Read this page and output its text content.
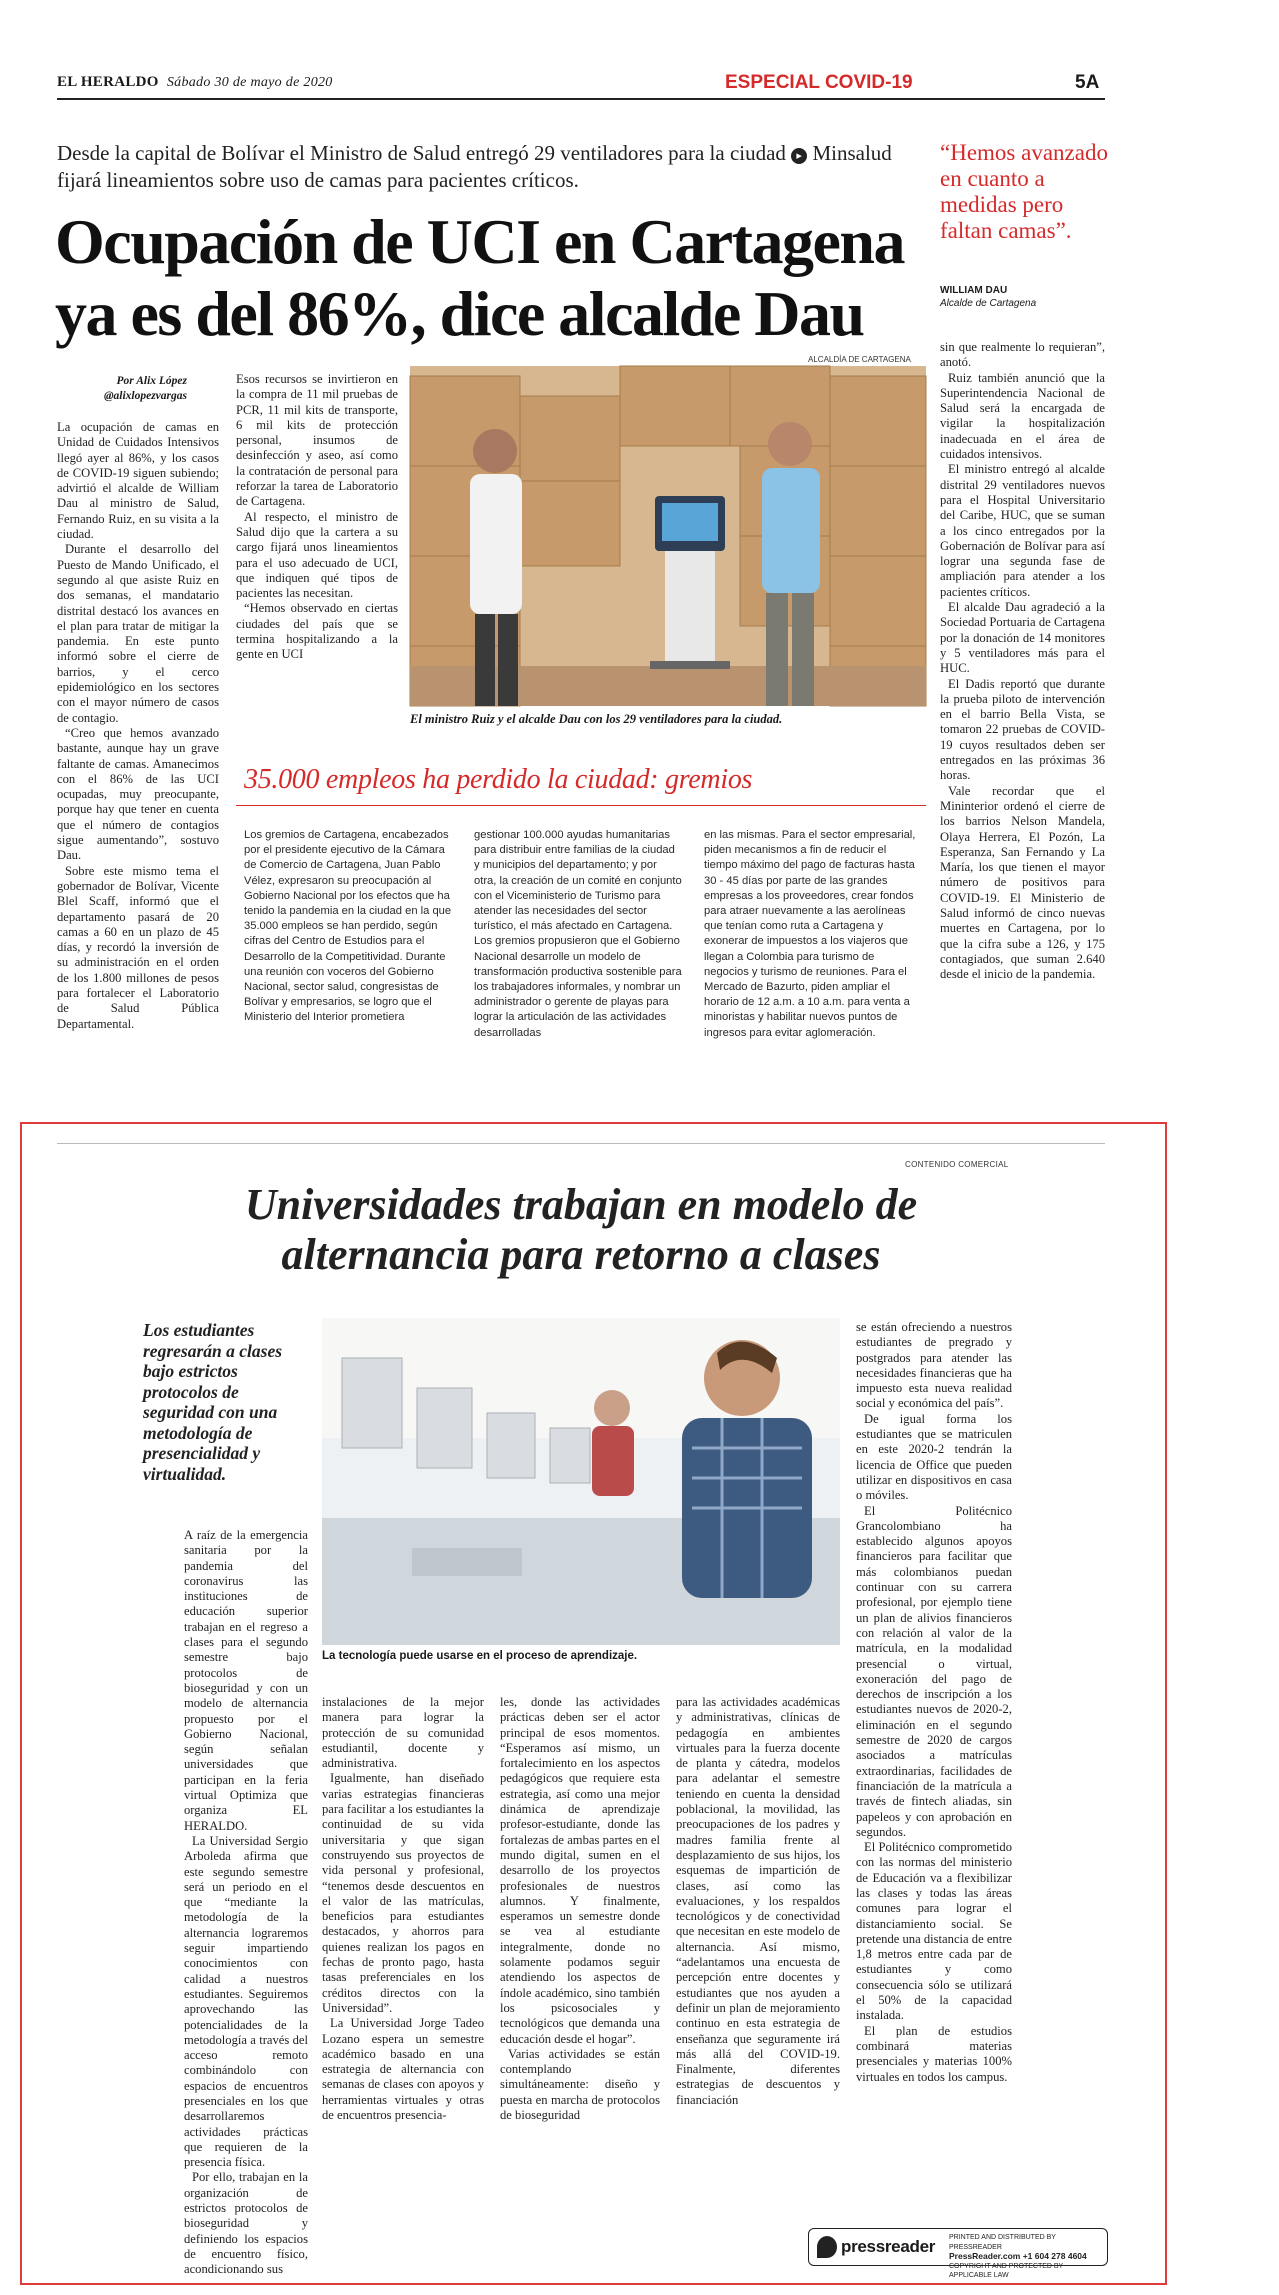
EL HERALDO Sábado 30 de mayo de 2020	ESPECIAL COVID-19	5A
Desde la capital de Bolívar el Ministro de Salud entregó 29 ventiladores para la ciudad ▸ Minsalud fijará lineamientos sobre uso de camas para pacientes críticos.
Ocupación de UCI en Cartagena
ya es del 86%, dice alcalde Dau
“Hemos avanzado en cuanto a medidas pero faltan camas”.
WILLIAM DAU
Alcalde de Cartagena
Por Alix López
@alixlopezvargas

La ocupación de camas en Unidad de Cuidados Intensivos llegó ayer al 86%, y los casos de COVID-19 siguen subiendo; advirtió el alcalde de William Dau al ministro de Salud, Fernando Ruiz, en su visita a la ciudad.

Durante el desarrollo del Puesto de Mando Unificado, el segundo al que asiste Ruiz en dos semanas, el mandatario distrital destacó los avances en el plan para tratar de mitigar la pandemia. En este punto informó sobre el cierre de barrios, y el cerco epidemiológico en los sectores con el mayor número de casos de contagio.

“Creo que hemos avanzado bastante, aunque hay un grave faltante de camas. Amanecimos con el 86% de las UCI ocupadas, muy preocupante, porque hay que tener en cuenta que el número de contagios sigue aumentando”, sostuvo Dau.

Sobre este mismo tema el gobernador de Bolívar, Vicente Blel Scaff, informó que el departamento pasará de 20 camas a 60 en un plazo de 45 días, y recordó la inversión de su administración en el orden de los 1.800 millones de pesos para fortalecer el Laboratorio de Salud Pública Departamental.

Esos recursos se invirtieron en la compra de 11 mil pruebas de PCR, 11 mil kits de transporte, 6 mil kits de protección personal, insumos de desinfección y aseo, así como la contratación de personal para reforzar la tarea de Laboratorio de Cartagena.

Al respecto, el ministro de Salud dijo que la cartera a su cargo fijará unos lineamientos para el uso adecuado de UCI, que indiquen qué tipos de pacientes las necesitan.

“Hemos observado en ciertas ciudades del país que se termina hospitalizando a la gente en UCI

ALCALDÍA DE CARTAGENA
El ministro Ruiz y el alcalde Dau con los 29 ventiladores para la ciudad.

sin que realmente lo requieran”, anotó.

Ruiz también anunció que la Superintendencia Nacional de Salud será la encargada de vigilar la hospitalización inadecuada en el área de cuidados intensivos.

El ministro entregó al alcalde distrital 29 ventiladores nuevos para el Hospital Universitario del Caribe, HUC, que se suman a los cinco entregados por la Gobernación de Bolívar para así lograr una segunda fase de ampliación para atender a los pacientes críticos.

El alcalde Dau agradeció a la Sociedad Portuaria de Cartagena por la donación de 14 monitores y 5 ventiladores más para el HUC.

El Dadis reportó que durante la prueba piloto de intervención en el barrio Bella Vista, se tomaron 22 pruebas de COVID-19 cuyos resultados deben ser entregados en las próximas 36 horas.

Vale recordar que el Mininterior ordenó el cierre de los barrios Nelson Mandela, Olaya Herrera, El Pozón, La Esperanza, San Fernando y La María, los que tienen el mayor número de positivos para COVID-19. El Ministerio de Salud informó de cinco nuevas muertes en Cartagena, por lo que la cifra sube a 126, y 175 contagiados, que suman 2.640 desde el inicio de la pandemia.

35.000 empleos ha perdido la ciudad: gremios
Los gremios de Cartagena, encabezados por el presidente ejecutivo de la Cámara de Comercio de Cartagena, Juan Pablo Vélez, expresaron su preocupación al Gobierno Nacional por los efectos que ha tenido la pandemia en la ciudad en la que 35.000 empleos se han perdido, según cifras del Centro de Estudios para el Desarrollo de la Competitividad. Durante una reunión con voceros del Gobierno Nacional, sector salud, congresistas de Bolívar y empresarios, se logro que el Ministerio del Interior prometiera
gestionar 100.000 ayudas humanitarias para distribuir entre familias de la ciudad y municipios del departamento; y por otra, la creación de un comité en conjunto con el Viceministerio de Turismo para atender las necesidades del sector turístico, el más afectado en Cartagena. Los gremios propusieron que el Gobierno Nacional desarrolle un modelo de transformación productiva sostenible para los trabajadores informales, y nombrar un administrador o gerente de playas para lograr la articulación de las actividades desarrolladas
en las mismas. Para el sector empresarial, piden mecanismos a fin de reducir el tiempo máximo del pago de facturas hasta 30 - 45 días por parte de las grandes empresas a los proveedores, crear fondos para atraer nuevamente a las aerolíneas que tenían como ruta a Cartagena y exonerar de impuestos a los viajeros que llegan a Colombia para turismo de negocios y turismo de reuniones. Para el Mercado de Bazurto, piden ampliar el horario de 12 a.m. a 10 a.m. para venta a minoristas y habilitar nuevos puntos de ingresos para evitar aglomeración.
CONTENIDO COMERCIAL
Universidades trabajan en modelo de
alternancia para retorno a clases
Los estudiantes regresarán a clases bajo estrictos protocolos de seguridad con una metodología de presencialidad y virtualidad.
La tecnología puede usarse en el proceso de aprendizaje.

A raíz de la emergencia sanitaria por la pandemia del coronavirus las instituciones de educación superior trabajan en el regreso a clases para el segundo semestre bajo protocolos de bioseguridad y con un modelo de alternancia propuesto por el Gobierno Nacional, según señalan universidades que participan en la feria virtual Optimiza que organiza EL HERALDO.

La Universidad Sergio Arboleda afirma que este segundo semestre será un periodo en el que “mediante la metodología de la alternancia lograremos seguir impartiendo conocimientos con calidad a nuestros estudiantes. Seguiremos aprovechando las potencialidades de la metodología a través del acceso remoto combinándolo con espacios de encuentros presenciales en los que desarrollaremos actividades prácticas que requieren de la presencia física.

Por ello, trabajan en la organización de estrictos protocolos de bioseguridad y definiendo los espacios de encuentro físico, acondicionando sus

instalaciones de la mejor manera para lograr la protección de su comunidad estudiantil, docente y administrativa.

Igualmente, han diseñado varias estrategias financieras para facilitar a los estudiantes la continuidad de su vida universitaria y que sigan construyendo sus proyectos de vida personal y profesional, “tenemos desde descuentos en el valor de las matrículas, beneficios para estudiantes destacados, y ahorros para quienes realizan los pagos en fechas de pronto pago, hasta tasas preferenciales en los créditos directos con la Universidad”.

La Universidad Jorge Tadeo Lozano espera un semestre académico basado en una estrategia de alternancia con semanas de clases con apoyos y herramientas virtuales y otras de encuentros presencia-

les, donde las actividades prácticas deben ser el actor principal de esos momentos. “Esperamos así mismo, un fortalecimiento en los aspectos pedagógicos que requiere esta estrategia, así como una mejor dinámica de aprendizaje profesor-estudiante, donde las fortalezas de ambas partes en el mundo digital, sumen en el desarrollo de los proyectos profesionales de nuestros alumnos. Y finalmente, esperamos un semestre donde se vea al estudiante integralmente, donde no solamente podamos seguir atendiendo los aspectos de índole académico, sino también los psicosociales y tecnológicos que demanda una educación desde el hogar”.

Varias actividades se están contemplando simultáneamente: diseño y puesta en marcha de protocolos de bioseguridad

para las actividades académicas y administrativas, clínicas de pedagogía en ambientes virtuales para la fuerza docente de planta y cátedra, modelos para adelantar el semestre teniendo en cuenta la densidad poblacional, la movilidad, las preocupaciones de los padres y madres familia frente al desplazamiento de sus hijos, los esquemas de impartición de clases, así como las evaluaciones, y los respaldos tecnológicos y de conectividad que necesitan en este modelo de alternancia. Así mismo, “adelantamos una encuesta de percepción entre docentes y estudiantes que nos ayuden a definir un plan de mejoramiento continuo en esta estrategia de enseñanza que seguramente irá más allá del COVID-19. Finalmente, diferentes estrategias de descuentos y financiación

se están ofreciendo a nuestros estudiantes de pregrado y postgrados para atender las necesidades financieras que ha impuesto esta nueva realidad social y económica del país”.

De igual forma los estudiantes que se matriculen en este 2020-2 tendrán la licencia de Office que pueden utilizar en dispositivos en casa o móviles.

El Politécnico Grancolombiano ha establecido algunos apoyos financieros para facilitar que más colombianos puedan continuar con su carrera profesional, por ejemplo tiene un plan de alivios financieros con relación al valor de la matrícula, en la modalidad presencial o virtual, exoneración del pago de derechos de inscripción a los estudiantes nuevos de 2020-2, eliminación en el segundo semestre de 2020 de cargos asociados a matrículas extraordinarias, facilidades de financiación de la matrícula a través de fintech aliadas, sin papeleos y con aprobación en segundos.

El Politécnico comprometido con las normas del ministerio de Educación va a flexibilizar las clases y todas las áreas comunes para lograr el distanciamiento social. Se pretende una distancia de entre 1,8 metros entre cada par de estudiantes y como consecuencia sólo se utilizará el 50% de la capacidad instalada.

El plan de estudios combinará materias presenciales y materias 100% virtuales en todos los campus.

pressreader PRINTED AND DISTRIBUTED BY PRESSREADER
PressReader.com +1 604 278 4604
COPYRIGHT AND PROTECTED BY APPLICABLE LAW
